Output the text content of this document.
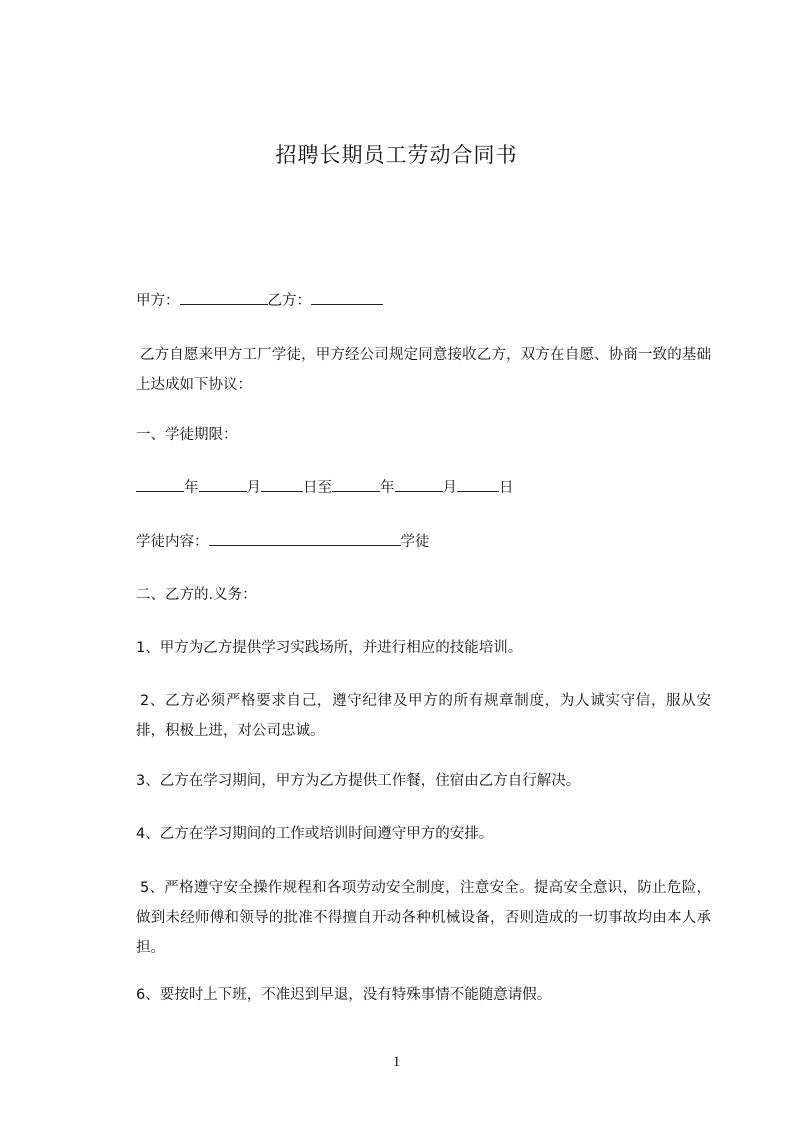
招聘长期员工劳动合同书
甲方：	乙方：
乙方自愿来甲方工厂学徒，甲方经公司规定同意接收乙方，双方在自愿、协商一致的基础上达成如下协议：
一、学徒期限：
年	月	日至	年	月	日
学徒内容：	学徒
二、乙方的.义务：
1、甲方为乙方提供学习实践场所，并进行相应的技能培训。
2、乙方必须严格要求自己，遵守纪律及甲方的所有规章制度，为人诚实守信，服从安排，积极上进，对公司忠诚。
3、乙方在学习期间，甲方为乙方提供工作餐，住宿由乙方自行解决。
4、乙方在学习期间的工作或培训时间遵守甲方的安排。
5、严格遵守安全操作规程和各项劳动安全制度，注意安全。提高安全意识，防止危险，做到未经师傅和领导的批准不得擅自开动各种机械设备，否则造成的一切事故均由本人承担。
6、要按时上下班，不准迟到早退，没有特殊事情不能随意请假。
1
